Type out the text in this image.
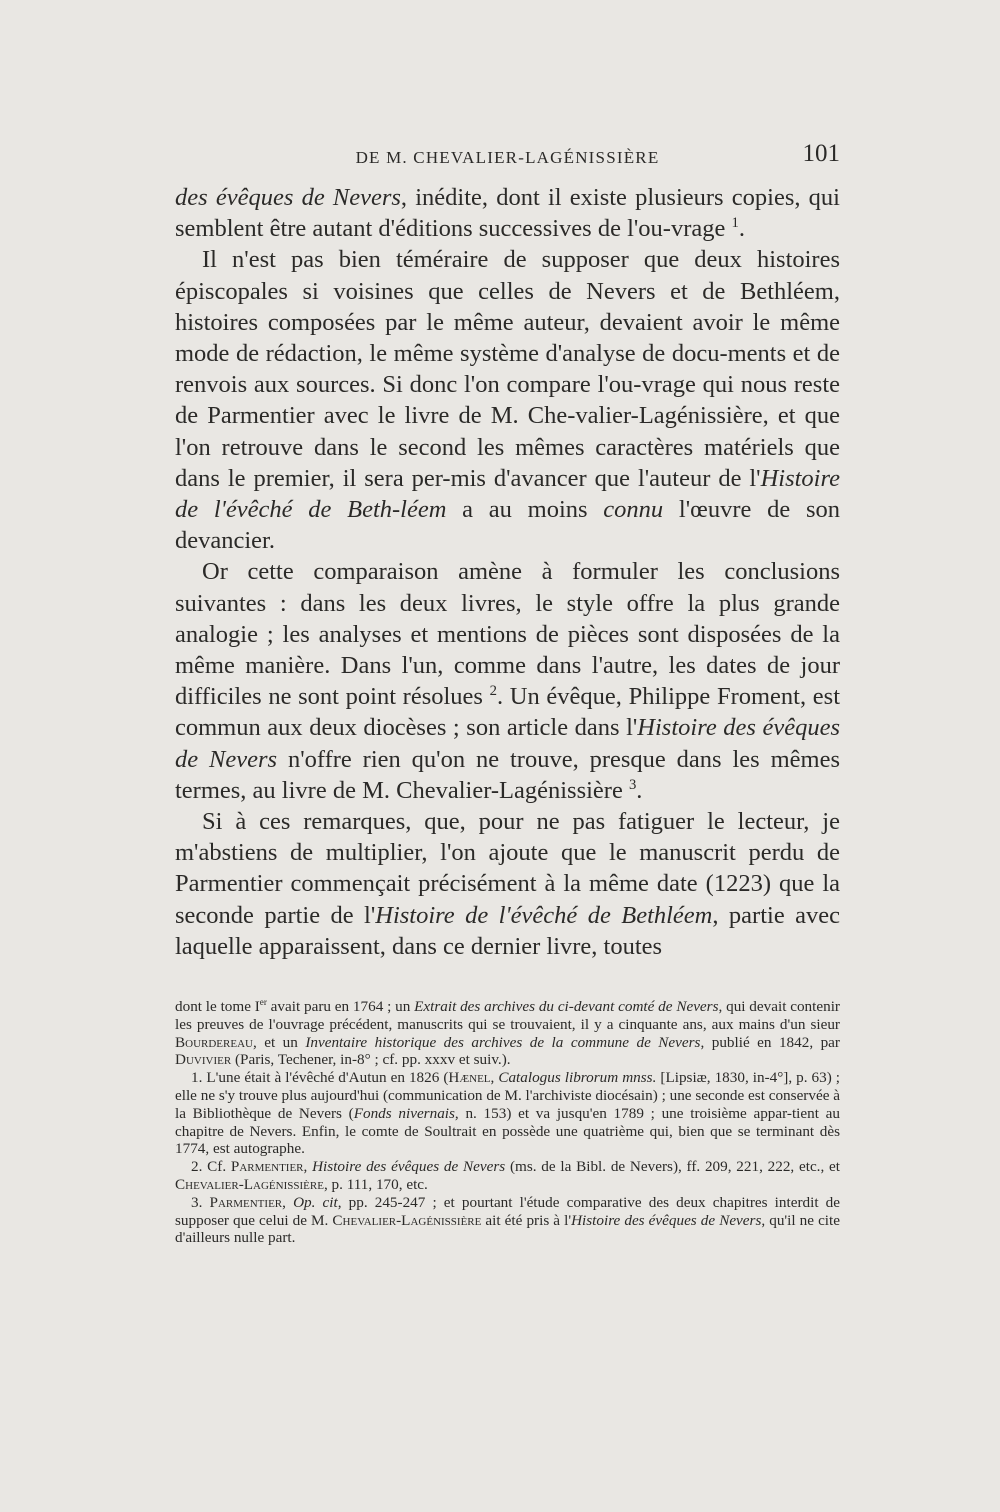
DE M. CHEVALIER-LAGÉNISSIÈRE	101

des évêques de Nevers, inédite, dont il existe plusieurs copies, qui semblent être autant d'éditions successives de l'ou-vrage $^1$.

Il n'est pas bien téméraire de supposer que deux histoires épiscopales si voisines que celles de Nevers et de Bethléem, histoires composées par le même auteur, devaient avoir le même mode de rédaction, le même système d'analyse de docu-ments et de renvois aux sources. Si donc l'on compare l'ou-vrage qui nous reste de Parmentier avec le livre de M. Che-valier-Lagénissière, et que l'on retrouve dans le second les mêmes caractères matériels que dans le premier, il sera per-mis d'avancer que l'auteur de l'Histoire de l'évêché de Beth-léem a au moins connu l'œuvre de son devancier.

Or cette comparaison amène à formuler les conclusions suivantes : dans les deux livres, le style offre la plus grande analogie ; les analyses et mentions de pièces sont disposées de la même manière. Dans l'un, comme dans l'autre, les dates de jour difficiles ne sont point résolues $^2$. Un évêque, Philippe Froment, est commun aux deux diocèses ; son article dans l'Histoire des évêques de Nevers n'offre rien qu'on ne trouve, presque dans les mêmes termes, au livre de M. Chevalier-Lagénissière $^3$.

Si à ces remarques, que, pour ne pas fatiguer le lecteur, je m'abstiens de multiplier, l'on ajoute que le manuscrit perdu de Parmentier commençait précisément à la même date (1223) que la seconde partie de l'Histoire de l'évêché de Bethléem, partie avec laquelle apparaissent, dans ce dernier livre, toutes

dont le tome Ier avait paru en 1764 ; un Extrait des archives du ci-devant comté de Nevers, qui devait contenir les preuves de l'ouvrage précédent, manuscrits qui se trouvaient, il y a cinquante ans, aux mains d'un sieur Bourdereau, et un Inventaire historique des archives de la commune de Nevers, publié en 1842, par Duvivier (Paris, Techener, in-8° ; cf. pp. xxxv et suiv.).

1. L'une était à l'évêché d'Autun en 1826 (Hænel, Catalogus librorum mnss. [Lipsiæ, 1830, in-4°], p. 63) ; elle ne s'y trouve plus aujourd'hui (communication de M. l'archiviste diocésain) ; une seconde est conservée à la Bibliothèque de Nevers (Fonds nivernais, n. 153) et va jusqu'en 1789 ; une troisième appar-tient au chapitre de Nevers. Enfin, le comte de Soultrait en possède une quatrième qui, bien que se terminant dès 1774, est autographe.

2. Cf. Parmentier, Histoire des évêques de Nevers (ms. de la Bibl. de Nevers), ff. 209, 221, 222, etc., et Chevalier-Lagénissière, p. 111, 170, etc.

3. Parmentier, Op. cit, pp. 245-247 ; et pourtant l'étude comparative des deux chapitres interdit de supposer que celui de M. Chevalier-Lagénissière ait été pris à l'Histoire des évêques de Nevers, qu'il ne cite d'ailleurs nulle part.
